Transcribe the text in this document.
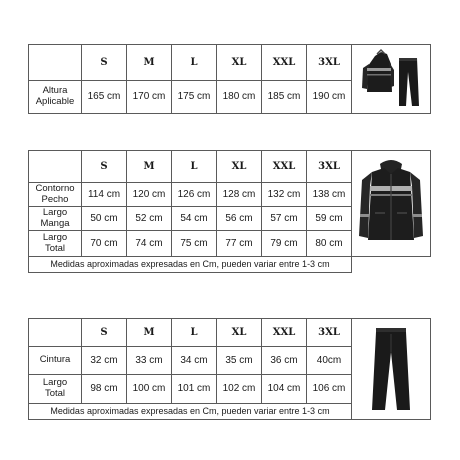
	S	M	L	XL	XXL	3XL	

Altura
Aplicable	165 cm	170 cm	175 cm	180 cm	185 cm	190 cm	
	S	M	L	XL	XXL	3XL	

Contorno
Pecho	114 cm	120 cm	126 cm	128 cm	132 cm	138 cm	
Largo
Manga	50 cm	52 cm	54 cm	56 cm	57 cm	59 cm	
Largo
Total	70 cm	74 cm	75 cm	77 cm	79 cm	80 cm	
Medidas aproximadas expresadas en Cm, pueden variar entre 1-3 cm							
	S	M	L	XL	XXL	3XL	

Cintura	32 cm	33 cm	34 cm	35 cm	36 cm	40cm	
Largo
Total	98 cm	100 cm	101 cm	102 cm	104 cm	106 cm	
Medidas aproximadas expresadas en Cm, pueden variar entre 1-3 cm							
